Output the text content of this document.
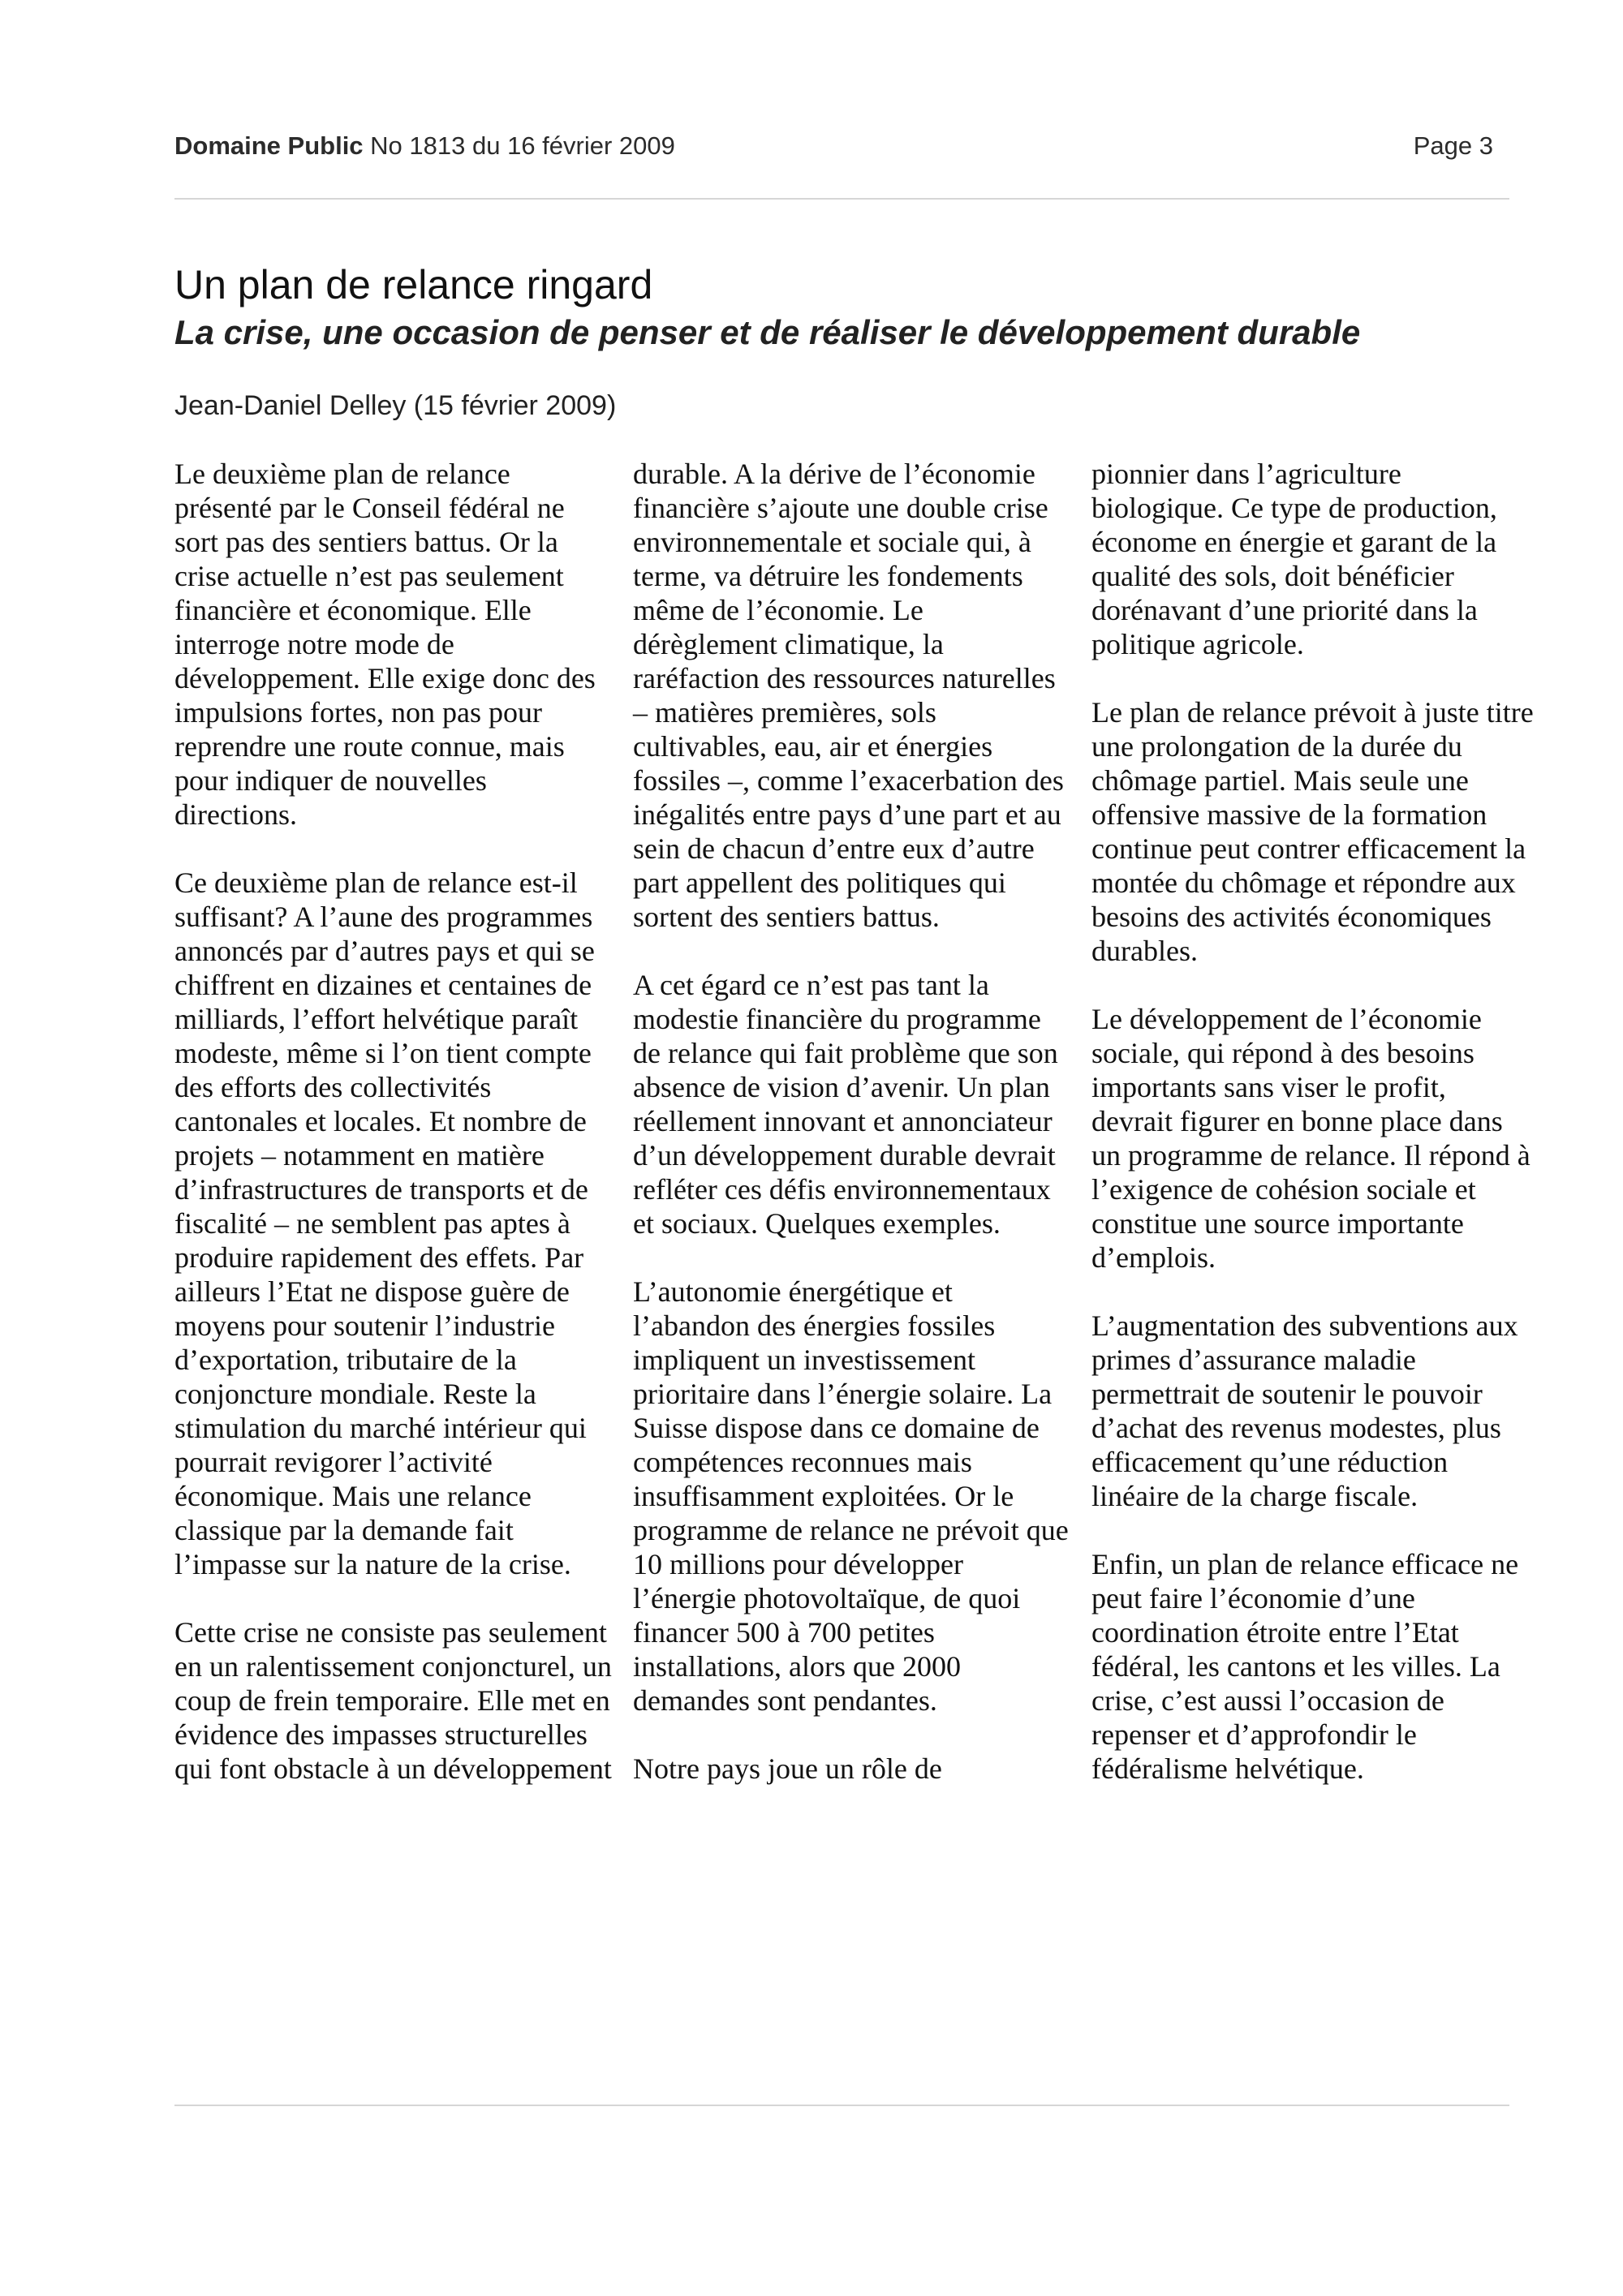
Domaine Public No 1813 du 16 février 2009	Page 3
Un plan de relance ringard
La crise, une occasion de penser et de réaliser le développement durable

Jean-Daniel Delley (15 février 2009)

Le deuxième plan de relance présenté par le Conseil fédéral ne sort pas des sentiers battus. Or la crise actuelle n’est pas seulement financière et économique. Elle interroge notre mode de développement. Elle exige donc des impulsions fortes, non pas pour reprendre une route connue, mais pour indiquer de nouvelles directions.

Ce deuxième plan de relance est-il suffisant? A l’aune des programmes annoncés par d’autres pays et qui se chiffrent en dizaines et centaines de milliards, l’effort helvétique paraît modeste, même si l’on tient compte des efforts des collectivités cantonales et locales. Et nombre de projets – notamment en matière d’infrastructures de transports et de fiscalité – ne semblent pas aptes à produire rapidement des effets. Par ailleurs l’Etat ne dispose guère de moyens pour soutenir l’industrie d’exportation, tributaire de la conjoncture mondiale. Reste la stimulation du marché intérieur qui pourrait revigorer l’activité économique. Mais une relance classique par la demande fait l’impasse sur la nature de la crise.

Cette crise ne consiste pas seulement en un ralentissement conjoncturel, un coup de frein temporaire. Elle met en évidence des impasses structurelles qui font obstacle à un développement

durable. A la dérive de l’économie financière s’ajoute une double crise environnementale et sociale qui, à terme, va détruire les fondements même de l’économie. Le dérèglement climatique, la raréfaction des ressources naturelles – matières premières, sols cultivables, eau, air et énergies fossiles –, comme l’exacerbation des inégalités entre pays d’une part et au sein de chacun d’entre eux d’autre part appellent des politiques qui sortent des sentiers battus.

A cet égard ce n’est pas tant la modestie financière du programme de relance qui fait problème que son absence de vision d’avenir. Un plan réellement innovant et annonciateur d’un développement durable devrait refléter ces défis environnementaux et sociaux. Quelques exemples.

L’autonomie énergétique et l’abandon des énergies fossiles impliquent un investissement prioritaire dans l’énergie solaire. La Suisse dispose dans ce domaine de compétences reconnues mais insuffisamment exploitées. Or le programme de relance ne prévoit que 10 millions pour développer l’énergie photovoltaïque, de quoi financer 500 à 700 petites installations, alors que 2000 demandes sont pendantes.

Notre pays joue un rôle de

pionnier dans l’agriculture biologique. Ce type de production, économe en énergie et garant de la qualité des sols, doit bénéficier dorénavant d’une priorité dans la politique agricole.

Le plan de relance prévoit à juste titre une prolongation de la durée du chômage partiel. Mais seule une offensive massive de la formation continue peut contrer efficacement la montée du chômage et répondre aux besoins des activités économiques durables.

Le développement de l’économie sociale, qui répond à des besoins importants sans viser le profit, devrait figurer en bonne place dans un programme de relance. Il répond à l’exigence de cohésion sociale et constitue une source importante d’emplois.

L’augmentation des subventions aux primes d’assurance maladie permettrait de soutenir le pouvoir d’achat des revenus modestes, plus efficacement qu’une réduction linéaire de la charge fiscale.

Enfin, un plan de relance efficace ne peut faire l’économie d’une coordination étroite entre l’Etat fédéral, les cantons et les villes. La crise, c’est aussi l’occasion de repenser et d’approfondir le fédéralisme helvétique.
